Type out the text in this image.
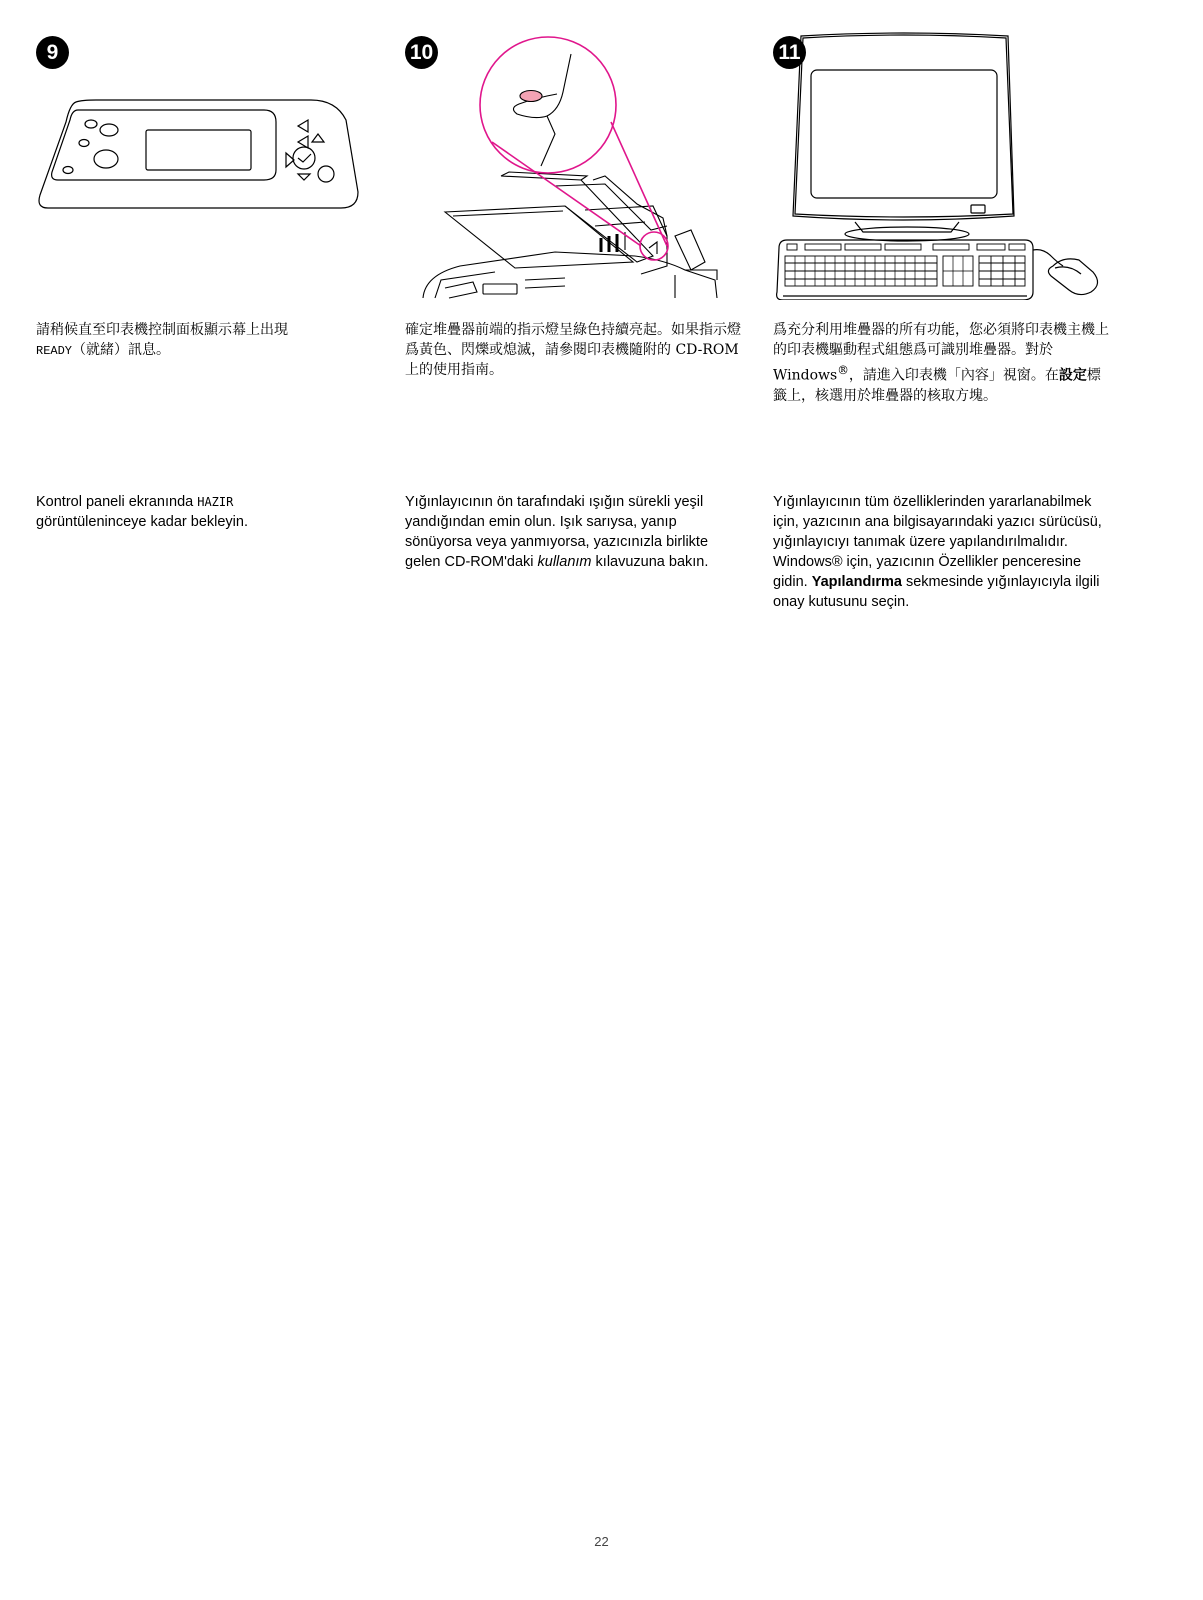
9
請稍候直至印表機控制面板顯示幕上出現
READY（就緒）訊息。
Kontrol paneli ekranında HAZIR
görüntüleninceye kadar bekleyin.
10
確定堆疊器前端的指示燈呈綠色持續亮起。如果指示燈爲黃色、閃爍或熄滅，請參閱印表機隨附的 CD-ROM 上的使用指南。
Yığınlayıcının ön tarafındaki ışığın sürekli yeşil yandığından emin olun. Işık sarıysa, yanıp sönüyorsa veya yanmıyorsa, yazıcınızla birlikte gelen CD-ROM'daki kullanım kılavuzuna bakın.
11
爲充分利用堆疊器的所有功能，您必須將印表機主機上的印表機驅動程式組態爲可識別堆疊器。對於 Windows®，請進入印表機「內容」視窗。在設定標籤上，核選用於堆疊器的核取方塊。
Yığınlayıcının tüm özelliklerinden yararlanabilmek için, yazıcının ana bilgisayarındaki yazıcı sürücüsü, yığınlayıcıyı tanımak üzere yapılandırılmalıdır. Windows® için, yazıcının Özellikler penceresine gidin. Yapılandırma sekmesinde yığınlayıcıyla ilgili onay kutusunu seçin.
22
